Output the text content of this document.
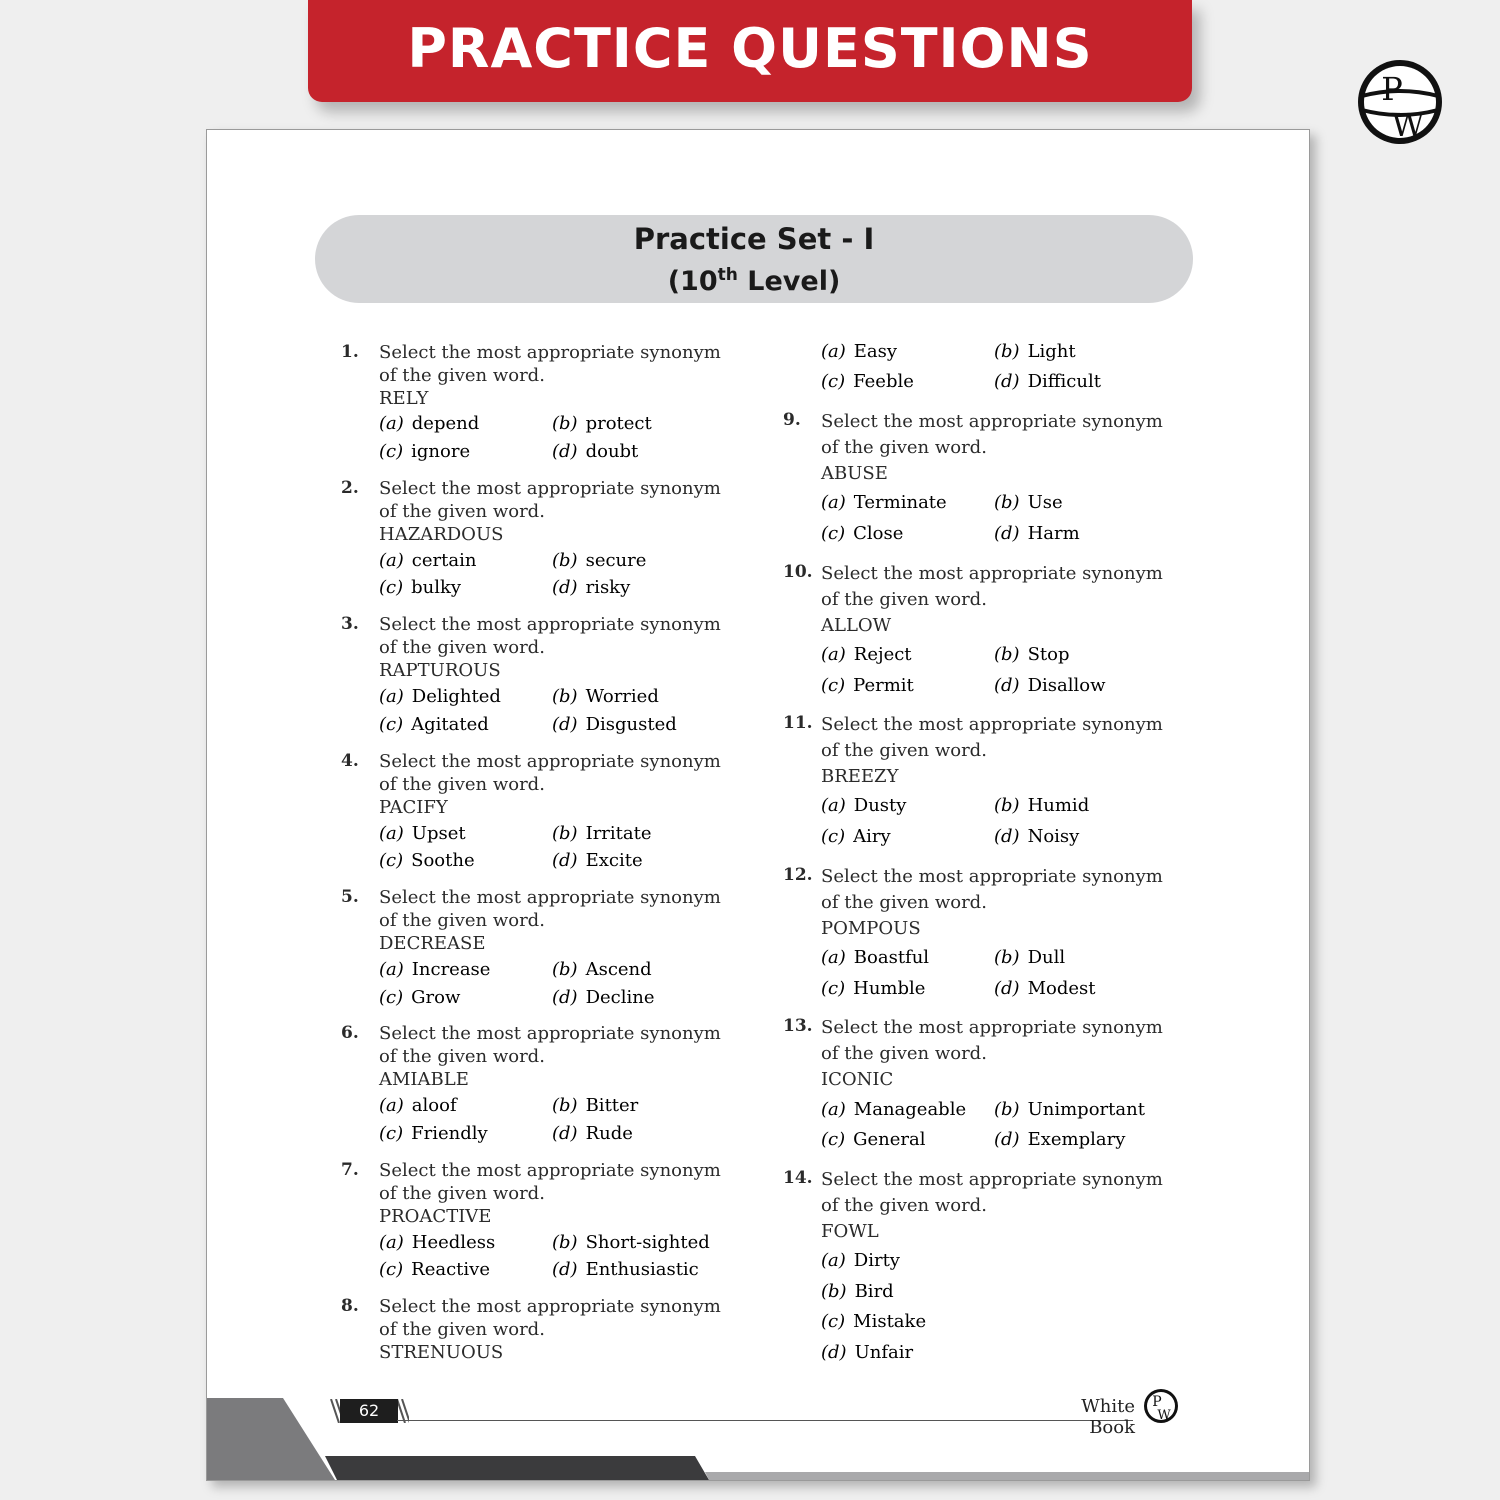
PRACTICE QUESTIONS
P
W
Practice Set - I
(10th Level)
1. Select the most appropriate synonym of the given word.
RELY
(a) depend	(b) protect
(c) ignore	(d) doubt
2. Select the most appropriate synonym of the given word.
HAZARDOUS
(a) certain	(b) secure
(c) bulky	(d) risky
3. Select the most appropriate synonym of the given word.
RAPTUROUS
(a) Delighted	(b) Worried
(c) Agitated	(d) Disgusted
4. Select the most appropriate synonym of the given word.
PACIFY
(a) Upset	(b) Irritate
(c) Soothe	(d) Excite
5. Select the most appropriate synonym of the given word.
DECREASE
(a) Increase	(b) Ascend
(c) Grow	(d) Decline
6. Select the most appropriate synonym of the given word.
AMIABLE
(a) aloof	(b) Bitter
(c) Friendly	(d) Rude
7. Select the most appropriate synonym of the given word.
PROACTIVE
(a) Heedless	(b) Short-sighted
(c) Reactive	(d) Enthusiastic
8. Select the most appropriate synonym of the given word.
STRENUOUS
(a) Easy	(b) Light
(c) Feeble	(d) Difficult
9. Select the most appropriate synonym of the given word.
ABUSE
(a) Terminate	(b) Use
(c) Close	(d) Harm
10. Select the most appropriate synonym of the given word.
ALLOW
(a) Reject	(b) Stop
(c) Permit	(d) Disallow
11. Select the most appropriate synonym of the given word.
BREEZY
(a) Dusty	(b) Humid
(c) Airy	(d) Noisy
12. Select the most appropriate synonym of the given word.
POMPOUS
(a) Boastful	(b) Dull
(c) Humble	(d) Modest
13. Select the most appropriate synonym of the given word.
ICONIC
(a) Manageable (b) Unimportant
(c) General	(d) Exemplary
14. Select the most appropriate synonym of the given word.
FOWL
(a) Dirty
(b) Bird
(c) Mistake
(d) Unfair
62	White Book
P
W
